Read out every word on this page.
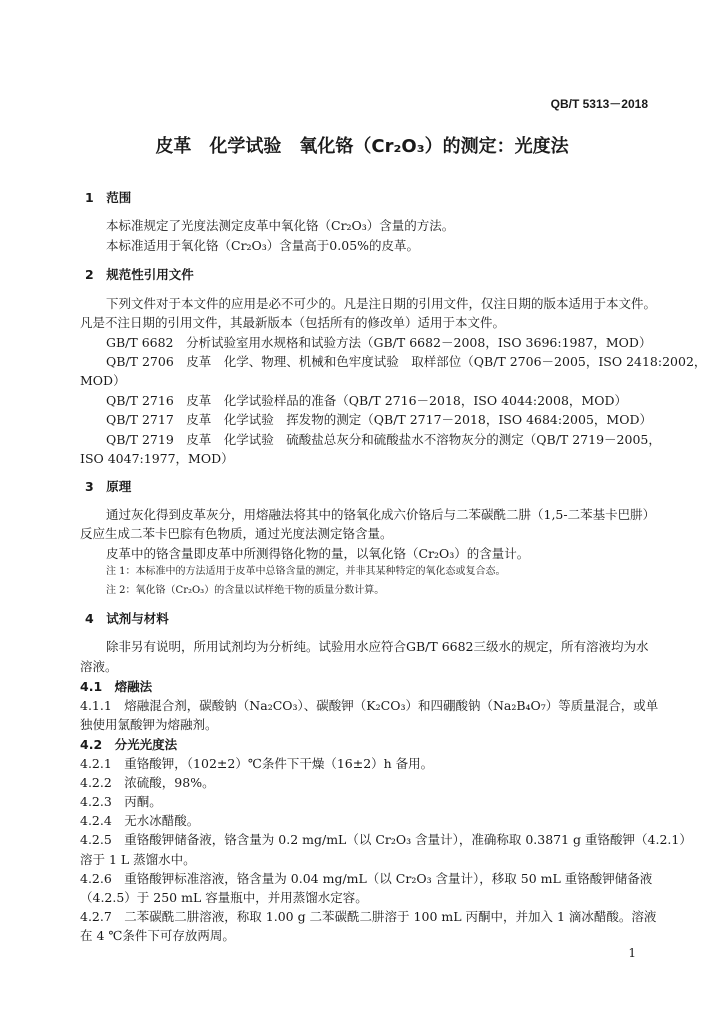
QB/T 5313－2018
皮革　化学试验　氧化铬（Cr₂O₃）的测定：光度法
1　范围
本标准规定了光度法测定皮革中氧化铬（Cr₂O₃）含量的方法。
本标准适用于氧化铬（Cr₂O₃）含量高于0.05%的皮革。
2　规范性引用文件
下列文件对于本文件的应用是必不可少的。凡是注日期的引用文件，仅注日期的版本适用于本文件。
凡是不注日期的引用文件，其最新版本（包括所有的修改单）适用于本文件。
GB/T 6682　分析试验室用水规格和试验方法（GB/T 6682－2008，ISO 3696:1987，MOD）
QB/T 2706　皮革　化学、物理、机械和色牢度试验　取样部位（QB/T 2706－2005，ISO 2418:2002，
MOD）
QB/T 2716　皮革　化学试验样品的准备（QB/T 2716－2018，ISO 4044:2008，MOD）
QB/T 2717　皮革　化学试验　挥发物的测定（QB/T 2717－2018，ISO 4684:2005，MOD）
QB/T 2719　皮革　化学试验　硫酸盐总灰分和硫酸盐水不溶物灰分的测定（QB/T 2719－2005，
ISO 4047:1977，MOD）
3　原理
通过灰化得到皮革灰分，用熔融法将其中的铬氧化成六价铬后与二苯碳酰二肼（1,5-二苯基卡巴肼）
反应生成二苯卡巴腙有色物质，通过光度法测定铬含量。
皮革中的铬含量即皮革中所测得铬化物的量，以氧化铬（Cr₂O₃）的含量计。
注 1：本标准中的方法适用于皮革中总铬含量的测定，并非其某种特定的氧化态或复合态。
注 2：氧化铬（Cr₂O₃）的含量以试样绝干物的质量分数计算。
4　试剂与材料
除非另有说明，所用试剂均为分析纯。试验用水应符合GB/T 6682三级水的规定，所有溶液均为水
溶液。
4.1　熔融法
4.1.1　熔融混合剂，碳酸钠（Na₂CO₃）、碳酸钾（K₂CO₃）和四硼酸钠（Na₂B₄O₇）等质量混合，或单
独使用氯酸钾为熔融剂。
4.2　分光光度法
4.2.1　重铬酸钾，（102±2）℃条件下干燥（16±2）h 备用。
4.2.2　浓硫酸，98%。
4.2.3　丙酮。
4.2.4　无水冰醋酸。
4.2.5　重铬酸钾储备液，铬含量为 0.2 mg/mL（以 Cr₂O₃ 含量计），准确称取 0.3871 g 重铬酸钾（4.2.1）
溶于 1 L 蒸馏水中。
4.2.6　重铬酸钾标准溶液，铬含量为 0.04 mg/mL（以 Cr₂O₃ 含量计），移取 50 mL 重铬酸钾储备液
（4.2.5）于 250 mL 容量瓶中，并用蒸馏水定容。
4.2.7　二苯碳酰二肼溶液，称取 1.00 g 二苯碳酰二肼溶于 100 mL 丙酮中，并加入 1 滴冰醋酸。溶液
在 4 ℃条件下可存放两周。
1
